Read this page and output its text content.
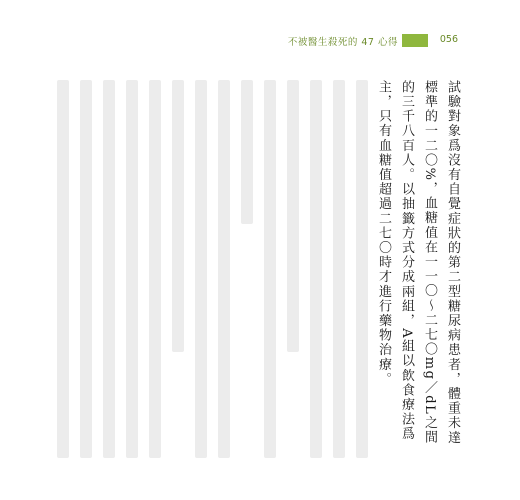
不被醫生殺死的 47 心得	056
試驗對象爲沒有自覺症狀的第二型糖尿病患者，體重未達標準的一二〇%，血糖值在一一〇〜二七〇mg／dL之間的三千八百人。以抽籤方式分成兩組，A組以飲食療法爲主，只有血糖值超過二七〇時才進行藥物治療。
